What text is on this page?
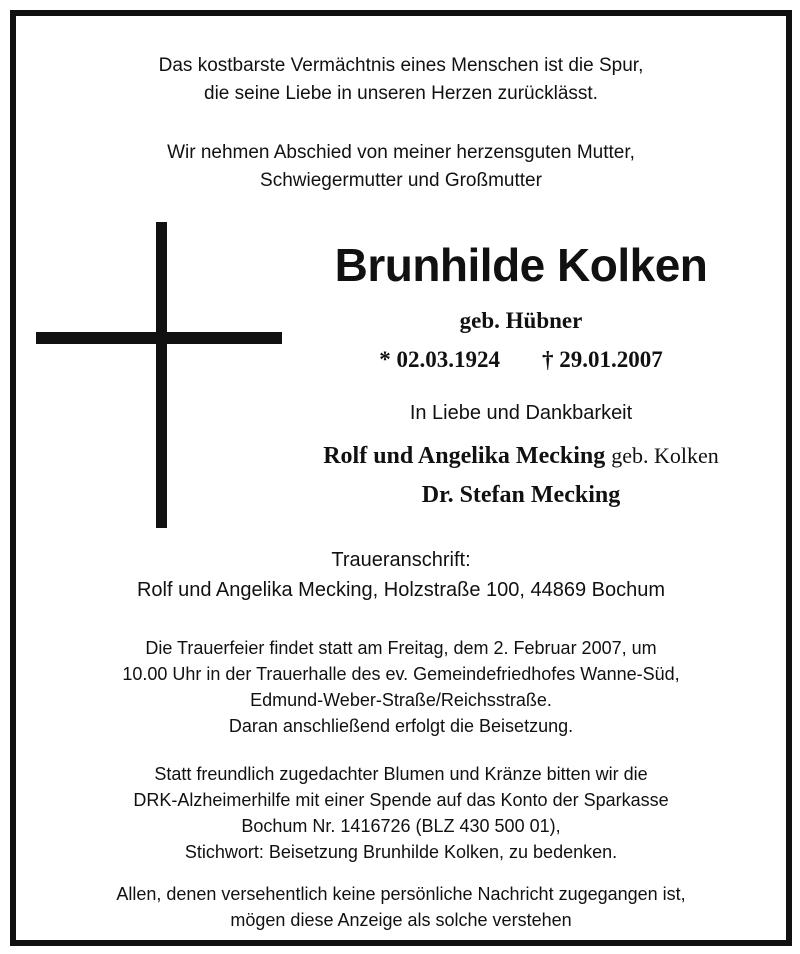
Das kostbarste Vermächtnis eines Menschen ist die Spur,
die seine Liebe in unseren Herzen zurücklässt.

Wir nehmen Abschied von meiner herzensguten Mutter,
Schwiegermutter und Großmutter

Brunhilde Kolken
geb. Hübner
* 02.03.1924 † 29.01.2007
In Liebe und Dankbarkeit
Rolf und Angelika Mecking geb. Kolken
Dr. Stefan Mecking
Traueranschrift:
Rolf und Angelika Mecking, Holzstraße 100, 44869 Bochum

Die Trauerfeier findet statt am Freitag, dem 2. Februar 2007, um
10.00 Uhr in der Trauerhalle des ev. Gemeindefriedhofes Wanne-Süd,
Edmund-Weber-Straße/Reichsstraße.
Daran anschließend erfolgt die Beisetzung.

Statt freundlich zugedachter Blumen und Kränze bitten wir die
DRK-Alzheimerhilfe mit einer Spende auf das Konto der Sparkasse
Bochum Nr. 1416726 (BLZ 430 500 01),
Stichwort: Beisetzung Brunhilde Kolken, zu bedenken.

Allen, denen versehentlich keine persönliche Nachricht zugegangen ist,
mögen diese Anzeige als solche verstehen
